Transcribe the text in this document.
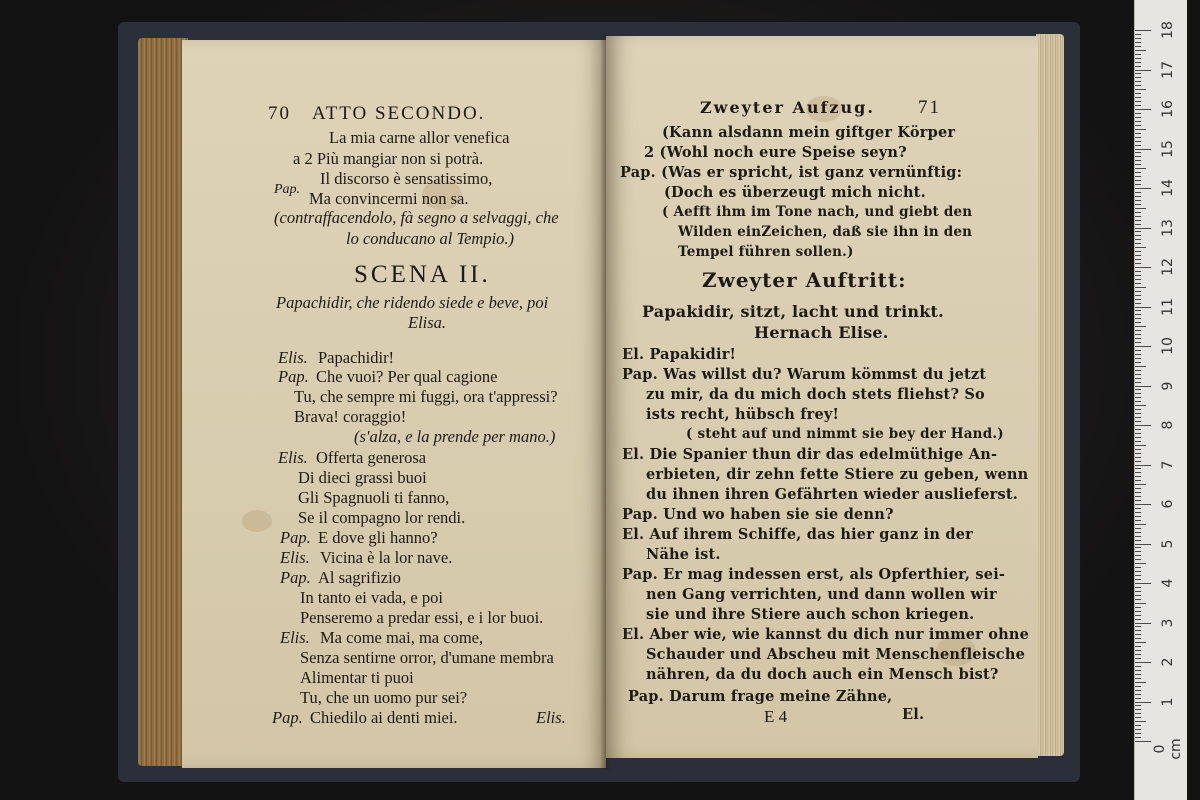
70 ATTO SECONDO.
La mia carne allor venefica
a 2 Più mangiar non si potrà.
Il discorso è sensatissimo,
Pap. Ma convincermi non sa.
(contraffacendolo, fà segno a selvaggi, che
lo conducano al Tempio.)
SCENA II.
Papachidir, che ridendo siede e beve, poi
Elisa.
Elis. Papachidir!
Pap. Che vuoi? Per qual cagione
Tu, che sempre mi fuggi, ora t'appressi?
Brava! coraggio!
(s'alza, e la prende per mano.)
Elis. Offerta generosa
Di dieci grassi buoi
Gli Spagnuoli ti fanno,
Se il compagno lor rendi.
Pap. E dove gli hanno?
Elis. Vicina è la lor nave.
Pap. Al sagrifizio
In tanto ei vada, e poi
Penseremo a predar essi, e i lor buoi.
Elis. Ma come mai, ma come,
Senza sentirne orror, d'umane membra
Alimentar ti puoi
Tu, che un uomo pur sei?
Pap. Chiedilo ai denti miei.	Elis.
Zweyter Aufzug. 71
(Kann alsdann mein giftger Körper
2 (Wohl noch eure Speise seyn?
Pap. (Was er spricht, ist ganz vernünftig:
(Doch es überzeugt mich nicht.
( Aefft ihm im Tone nach, und giebt den
Wilden einZeichen, daß sie ihn in den
Tempel führen sollen.)
Zweyter Auftritt:
Papakidir, sitzt, lacht und trinkt.
Hernach Elise.
El. Papakidir!
Pap. Was willst du? Warum kömmst du jetzt
zu mir, da du mich doch stets fliehst? So
ists recht, hübsch frey!
( steht auf und nimmt sie bey der Hand.)
El. Die Spanier thun dir das edelmüthige An-
erbieten, dir zehn fette Stiere zu geben, wenn
du ihnen ihren Gefährten wieder auslieferst.
Pap. Und wo haben sie sie denn?
El. Auf ihrem Schiffe, das hier ganz in der
Nähe ist.
Pap. Er mag indessen erst, als Opferthier, sei-
nen Gang verrichten, und dann wollen wir
sie und ihre Stiere auch schon kriegen.
El. Aber wie, wie kannst du dich nur immer ohne
Schauder und Abscheu mit Menschenfleische
nähren, da du doch auch ein Mensch bist?
Pap. Darum frage meine Zähne,
E 4	El.
18
17
16
15
14
13
12
11
10
9
8
7
6
5
4
3
2
1
0 cm
